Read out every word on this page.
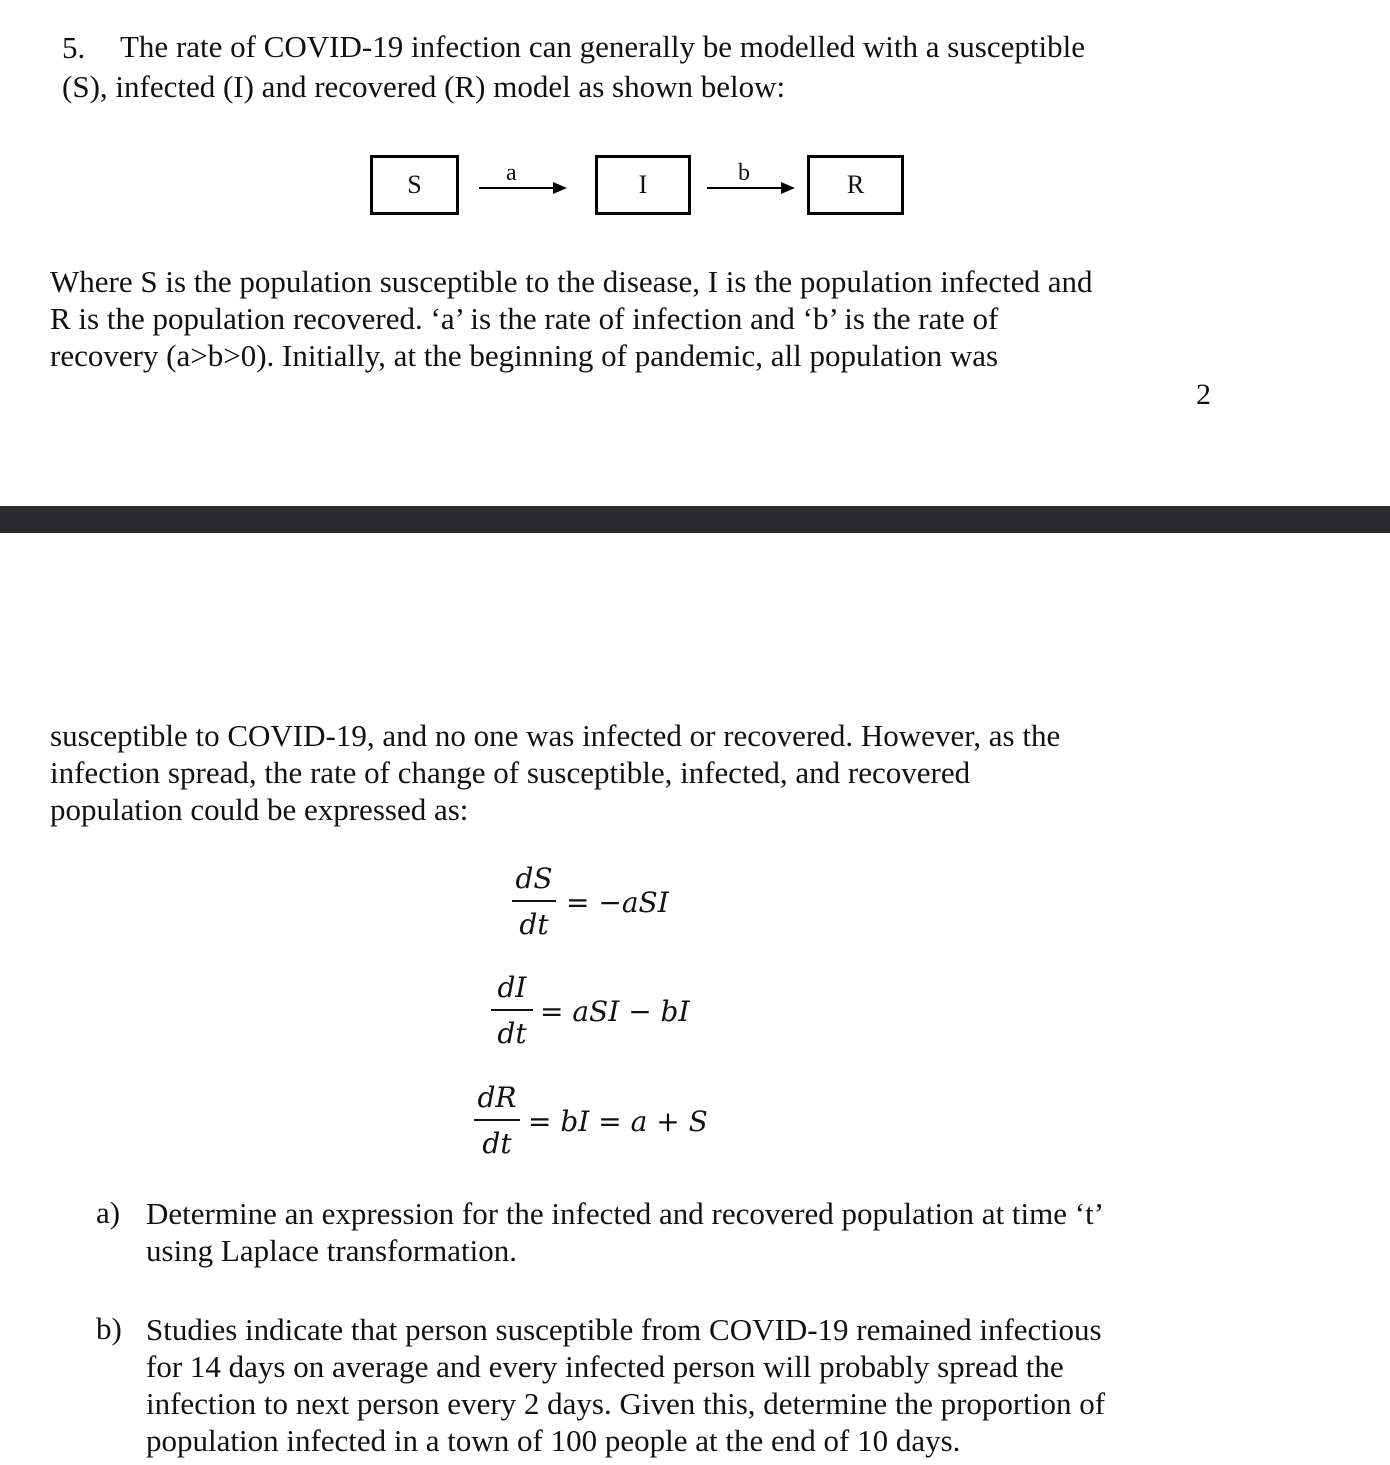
5. The rate of COVID-19 infection can generally be modelled with a susceptible
(S), infected (I) and recovered (R) model as shown below:
S	a	I	b	R
Where S is the population susceptible to the disease, I is the population infected and
R is the population recovered. ‘a’ is the rate of infection and ‘b’ is the rate of
recovery (a>b>0). Initially, at the beginning of pandemic, all population was
2
susceptible to COVID-19, and no one was infected or recovered. However, as the
infection spread, the rate of change of susceptible, infected, and recovered
population could be expressed as:
dS
dt
= −aSI
dI
dt
= aSI − bI
dR
dt
= bI = a + S
a) Determine an expression for the infected and recovered population at time ‘t’
using Laplace transformation.
b) Studies indicate that person susceptible from COVID-19 remained infectious
for 14 days on average and every infected person will probably spread the
infection to next person every 2 days. Given this, determine the proportion of
population infected in a town of 100 people at the end of 10 days.
